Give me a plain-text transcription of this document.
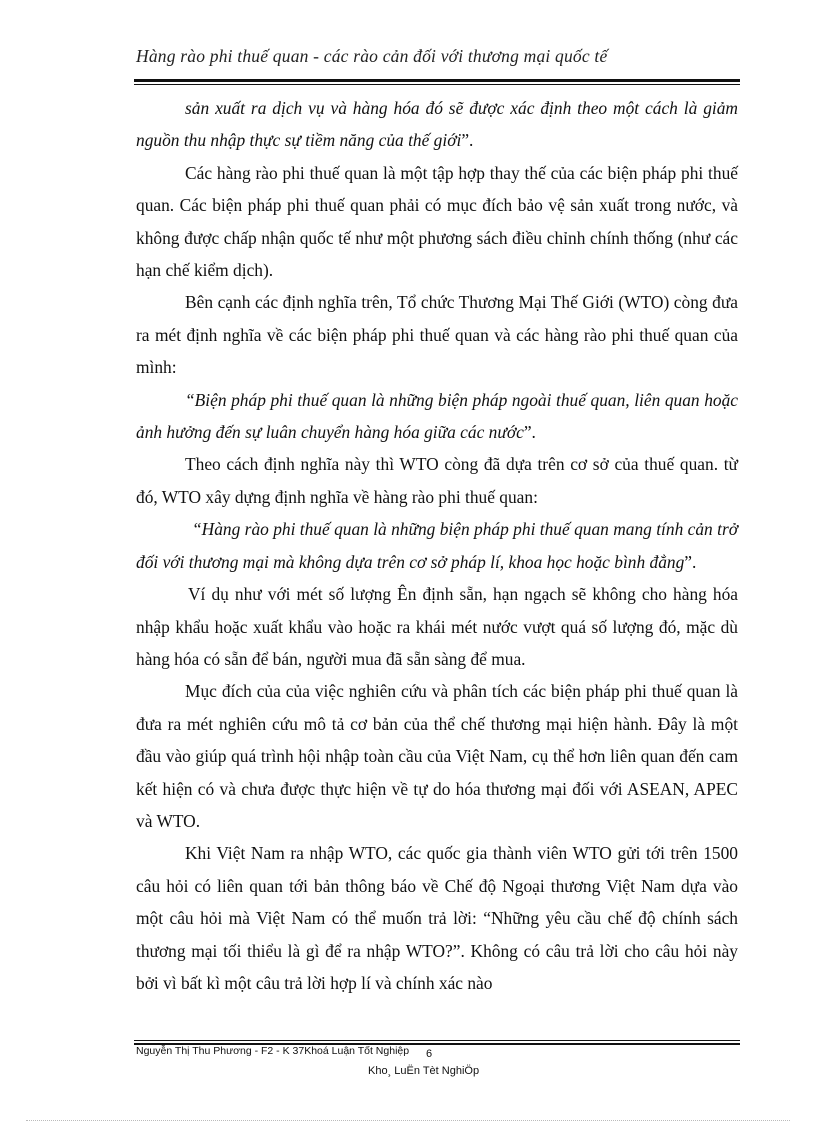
Hàng rào phi thuế quan - các rào cản đối với thương mại quốc tế

sản xuất ra dịch vụ và hàng hóa đó sẽ được xác định theo một cách là giảm nguồn thu nhập thực sự tiềm năng của thế giới”.

Các hàng rào phi thuế quan là một tập hợp thay thế của các biện pháp phi thuế quan. Các biện pháp phi thuế quan phải có mục đích bảo vệ sản xuất trong nước, và không được chấp nhận quốc tế như một phương sách điều chỉnh chính thống (như các hạn chế kiểm dịch).

Bên cạnh các định nghĩa trên, Tổ chức Thương Mại Thế Giới (WTO) còng đưa ra mét định nghĩa về các biện pháp phi thuế quan và các hàng rào phi thuế quan của mình:

“Biện pháp phi thuế quan là những biện pháp ngoài thuế quan, liên quan hoặc ảnh hưởng đến sự luân chuyển hàng hóa giữa các nước”.

Theo cách định nghĩa này thì WTO còng đã dựa trên cơ sở của thuế quan. từ đó, WTO xây dựng định nghĩa về hàng rào phi thuế quan:

“Hàng rào phi thuế quan là những biện pháp phi thuế quan mang tính cản trở đối với thương mại mà không dựa trên cơ sở pháp lí, khoa học hoặc bình đẳng”.

Ví dụ như với mét số lượng Ên định sẵn, hạn ngạch sẽ không cho hàng hóa nhập khẩu hoặc xuất khẩu vào hoặc ra khái mét nước vượt quá số lượng đó, mặc dù hàng hóa có sẵn để bán, người mua đã sẵn sàng để mua.

Mục đích của của việc nghiên cứu và phân tích các biện pháp phi thuế quan là đưa ra mét nghiên cứu mô tả cơ bản của thể chế thương mại hiện hành. Đây là một đầu vào giúp quá trình hội nhập toàn cầu của Việt Nam, cụ thể hơn liên quan đến cam kết hiện có và chưa được thực hiện về tự do hóa thương mại đối với ASEAN, APEC và WTO.

Khi Việt Nam ra nhập WTO, các quốc gia thành viên WTO gửi tới trên 1500 câu hỏi có liên quan tới bản thông báo về Chế độ Ngoại thương Việt Nam dựa vào một câu hỏi mà Việt Nam có thể muốn trả lời: “Những yêu cầu chế độ chính sách thương mại tối thiểu là gì để ra nhập WTO?”. Không có câu trả lời cho câu hỏi này bởi vì bất kì một câu trả lời hợp lí và chính xác nào

Nguyễn Thị Thu Phương - F2 - K 37Khoá Luận Tốt Nghiệp	6
Kho¸ LuËn Tèt NghiÖp
